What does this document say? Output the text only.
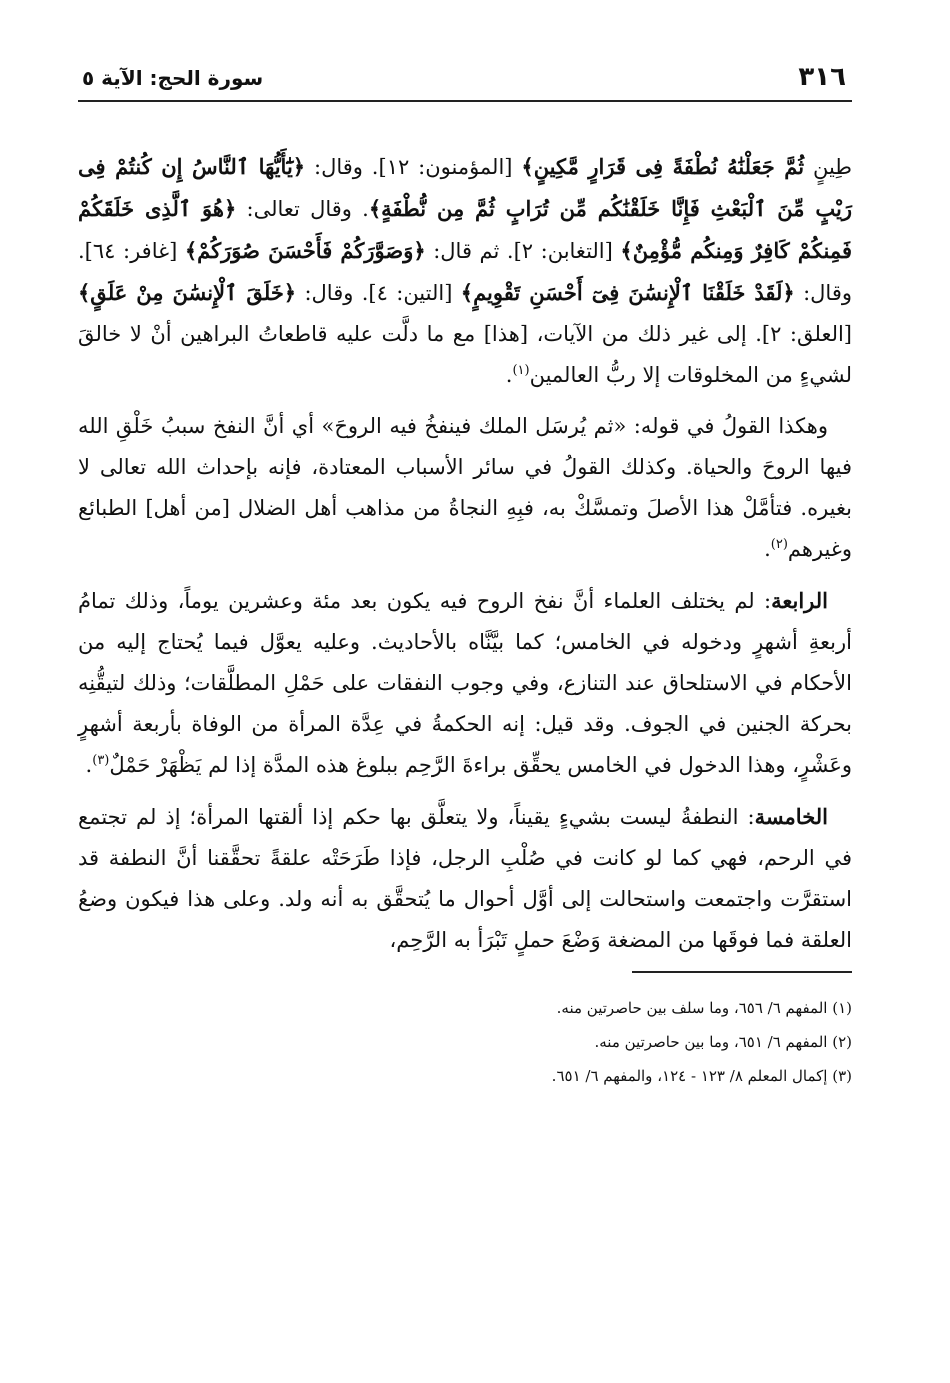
٣١٦
سورة الحج: الآية ٥

طِينٍ ثُمَّ جَعَلْنَٰهُ نُطْفَةً فِى قَرَارٍ مَّكِينٍ﴾ [المؤمنون: ١٢]. وقال: ﴿يَٰٓأَيُّهَا ٱلنَّاسُ إِن كُنتُمْ فِى رَيْبٍ مِّنَ ٱلْبَعْثِ فَإِنَّا خَلَقْنَٰكُم مِّن تُرَابٍ ثُمَّ مِن نُّطْفَةٍ﴾. وقال تعالى: ﴿هُوَ ٱلَّذِى خَلَقَكُمْ فَمِنكُمْ كَافِرٌ وَمِنكُم مُّؤْمِنٌ﴾ [التغابن: ٢]. ثم قال: ﴿وَصَوَّرَكُمْ فَأَحْسَنَ صُوَرَكُمْ﴾ [غافر: ٦٤]. وقال: ﴿لَقَدْ خَلَقْنَا ٱلْإِنسَٰنَ فِىٓ أَحْسَنِ تَقْوِيمٍ﴾ [التين: ٤]. وقال: ﴿خَلَقَ ٱلْإِنسَٰنَ مِنْ عَلَقٍ﴾ [العلق: ٢]. إلى غير ذلك من الآيات، [هذا] مع ما دلَّت عليه قاطعاتُ البراهين أنْ لا خالقَ لشيءٍ من المخلوقات إلا ربُّ العالمين$^{(١)}$.

وهكذا القولُ في قوله: «ثم يُرسَل الملك فينفخُ فيه الروحَ» أي أنَّ النفخ سببُ خَلْقِ الله فيها الروحَ والحياة. وكذلك القولُ في سائر الأسباب المعتادة، فإنه بإحداث الله تعالى لا بغيره. فتأمَّلْ هذا الأصلَ وتمسَّكْ به، فبِهِ النجاةُ من مذاهب أهل الضلال [من أهل] الطبائع وغيرهم$^{(٢)}$.

الرابعة: لم يختلف العلماء أنَّ نفخ الروح فيه يكون بعد مئة وعشرين يوماً، وذلك تمامُ أربعةِ أشهرٍ ودخوله في الخامس؛ كما بيَّنَّاه بالأحاديث. وعليه يعوَّل فيما يُحتاج إليه من الأحكام في الاستلحاق عند التنازع، وفي وجوب النفقات على حَمْلِ المطلَّقات؛ وذلك لتيقُّنِه بحركة الجنين في الجوف. وقد قيل: إنه الحكمةُ في عِدَّة المرأة من الوفاة بأربعة أشهرٍ وعَشْرٍ، وهذا الدخول في الخامس يحقِّق براءةَ الرَّحِم ببلوغ هذه المدَّة إذا لم يَظْهَرْ حَمْلٌ$^{(٣)}$.

الخامسة: النطفةُ ليست بشيءٍ يقيناً، ولا يتعلَّق بها حكم إذا ألقتها المرأة؛ إذ لم تجتمع في الرحم، فهي كما لو كانت في صُلْبِ الرجل، فإذا طَرَحَتْه علقةً تحقَّقنا أنَّ النطفة قد استقرَّت واجتمعت واستحالت إلى أوَّل أحوال ما يُتحقَّق به أنه ولد. وعلى هذا فيكون وضعُ العلقة فما فوقَها من المضغة وَضْعَ حملٍ تَبْرَأ به الرَّحِم،

(١) المفهم ٦/ ٦٥٦، وما سلف بين حاصرتين منه.
(٢) المفهم ٦/ ٦٥١، وما بين حاصرتين منه.
(٣) إكمال المعلم ٨/ ١٢٣ - ١٢٤، والمفهم ٦/ ٦٥١.
